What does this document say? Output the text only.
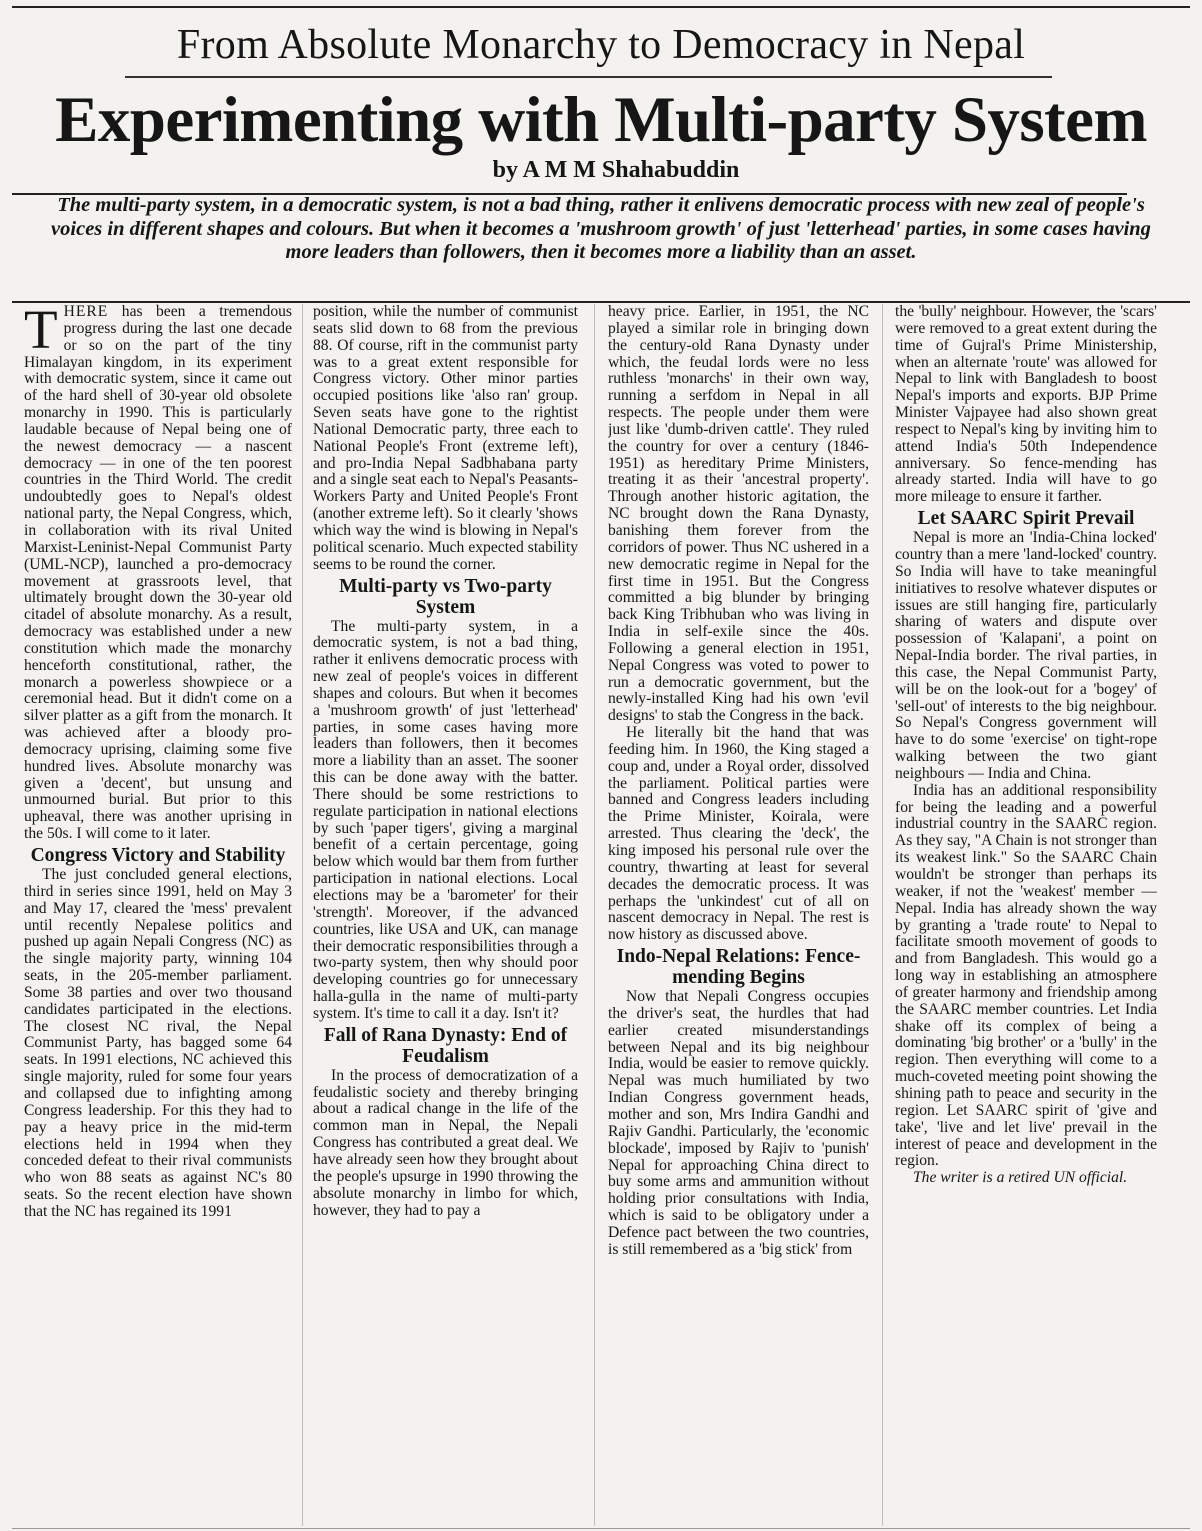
From Absolute Monarchy to Democracy in Nepal
Experimenting with Multi-party System
by A M M Shahabuddin
The multi-party system, in a democratic system, is not a bad thing, rather it enlivens democratic process with new zeal of people's voices in different shapes and colours. But when it becomes a 'mushroom growth' of just 'letterhead' parties, in some cases having more leaders than followers, then it becomes more a liability than an asset.

THERE has been a tremendous progress during the last one decade or so on the part of the tiny Himalayan kingdom, in its experiment with democratic system, since it came out of the hard shell of 30-year old obsolete monarchy in 1990. This is particularly laudable because of Nepal being one of the newest democracy — a nascent democracy — in one of the ten poorest countries in the Third World. The credit undoubtedly goes to Nepal's oldest national party, the Nepal Congress, which, in collaboration with its rival United Marxist-Leninist-Nepal Communist Party (UML-NCP), launched a pro-democracy movement at grassroots level, that ultimately brought down the 30-year old citadel of absolute monarchy. As a result, democracy was established under a new constitution which made the monarchy henceforth constitutional, rather, the monarch a powerless showpiece or a ceremonial head. But it didn't come on a silver platter as a gift from the monarch. It was achieved after a bloody pro-democracy uprising, claiming some five hundred lives. Absolute monarchy was given a 'decent', but unsung and unmourned burial. But prior to this upheaval, there was another uprising in the 50s. I will come to it later.

Congress Victory and Stability

The just concluded general elections, third in series since 1991, held on May 3 and May 17, cleared the 'mess' prevalent until recently Nepalese politics and pushed up again Nepali Congress (NC) as the single majority party, winning 104 seats, in the 205-member parliament. Some 38 parties and over two thousand candidates participated in the elections. The closest NC rival, the Nepal Communist Party, has bagged some 64 seats. In 1991 elections, NC achieved this single majority, ruled for some four years and collapsed due to infighting among Congress leadership. For this they had to pay a heavy price in the mid-term elections held in 1994 when they conceded defeat to their rival communists who won 88 seats as against NC's 80 seats. So the recent election have shown that the NC has regained its 1991

position, while the number of communist seats slid down to 68 from the previous 88. Of course, rift in the communist party was to a great extent responsible for Congress victory. Other minor parties occupied positions like 'also ran' group. Seven seats have gone to the rightist National Democratic party, three each to National People's Front (extreme left), and pro-India Nepal Sadbhabana party and a single seat each to Nepal's Peasants-Workers Party and United People's Front (another extreme left). So it clearly 'shows which way the wind is blowing in Nepal's political scenario. Much expected stability seems to be round the corner.

Multi-party vs Two-party System

The multi-party system, in a democratic system, is not a bad thing, rather it enlivens democratic process with new zeal of people's voices in different shapes and colours. But when it becomes a 'mushroom growth' of just 'letterhead' parties, in some cases having more leaders than followers, then it becomes more a liability than an asset. The sooner this can be done away with the batter. There should be some restrictions to regulate participation in national elections by such 'paper tigers', giving a marginal benefit of a certain percentage, going below which would bar them from further participation in national elections. Local elections may be a 'barometer' for their 'strength'. Moreover, if the advanced countries, like USA and UK, can manage their democratic responsibilities through a two-party system, then why should poor developing countries go for unnecessary halla-gulla in the name of multi-party system. It's time to call it a day. Isn't it?

Fall of Rana Dynasty: End of Feudalism

In the process of democratization of a feudalistic society and thereby bringing about a radical change in the life of the common man in Nepal, the Nepali Congress has contributed a great deal. We have already seen how they brought about the people's upsurge in 1990 throwing the absolute monarchy in limbo for which, however, they had to pay a

heavy price. Earlier, in 1951, the NC played a similar role in bringing down the century-old Rana Dynasty under which, the feudal lords were no less ruthless 'monarchs' in their own way, running a serfdom in Nepal in all respects. The people under them were just like 'dumb-driven cattle'. They ruled the country for over a century (1846-1951) as hereditary Prime Ministers, treating it as their 'ancestral property'. Through another historic agitation, the NC brought down the Rana Dynasty, banishing them forever from the corridors of power. Thus NC ushered in a new democratic regime in Nepal for the first time in 1951. But the Congress committed a big blunder by bringing back King Tribhuban who was living in India in self-exile since the 40s. Following a general election in 1951, Nepal Congress was voted to power to run a democratic government, but the newly-installed King had his own 'evil designs' to stab the Congress in the back.

He literally bit the hand that was feeding him. In 1960, the King staged a coup and, under a Royal order, dissolved the parliament. Political parties were banned and Congress leaders including the Prime Minister, Koirala, were arrested. Thus clearing the 'deck', the king imposed his personal rule over the country, thwarting at least for several decades the democratic process. It was perhaps the 'unkindest' cut of all on nascent democracy in Nepal. The rest is now history as discussed above.

Indo-Nepal Relations: Fence-mending Begins

Now that Nepali Congress occupies the driver's seat, the hurdles that had earlier created misunderstandings between Nepal and its big neighbour India, would be easier to remove quickly. Nepal was much humiliated by two Indian Congress government heads, mother and son, Mrs Indira Gandhi and Rajiv Gandhi. Particularly, the 'economic blockade', imposed by Rajiv to 'punish' Nepal for approaching China direct to buy some arms and ammunition without holding prior consultations with India, which is said to be obligatory under a Defence pact between the two countries, is still remembered as a 'big stick' from

the 'bully' neighbour. However, the 'scars' were removed to a great extent during the time of Gujral's Prime Ministership, when an alternate 'route' was allowed for Nepal to link with Bangladesh to boost Nepal's imports and exports. BJP Prime Minister Vajpayee had also shown great respect to Nepal's king by inviting him to attend India's 50th Independence anniversary. So fence-mending has already started. India will have to go more mileage to ensure it farther.

Let SAARC Spirit Prevail

Nepal is more an 'India-China locked' country than a mere 'land-locked' country. So India will have to take meaningful initiatives to resolve whatever disputes or issues are still hanging fire, particularly sharing of waters and dispute over possession of 'Kalapani', a point on Nepal-India border. The rival parties, in this case, the Nepal Communist Party, will be on the look-out for a 'bogey' of 'sell-out' of interests to the big neighbour. So Nepal's Congress government will have to do some 'exercise' on tight-rope walking between the two giant neighbours — India and China.

India has an additional responsibility for being the leading and a powerful industrial country in the SAARC region. As they say, "A Chain is not stronger than its weakest link." So the SAARC Chain wouldn't be stronger than perhaps its weaker, if not the 'weakest' member — Nepal. India has already shown the way by granting a 'trade route' to Nepal to facilitate smooth movement of goods to and from Bangladesh. This would go a long way in establishing an atmosphere of greater harmony and friendship among the SAARC member countries. Let India shake off its complex of being a dominating 'big brother' or a 'bully' in the region. Then everything will come to a much-coveted meeting point showing the shining path to peace and security in the region. Let SAARC spirit of 'give and take', 'live and let live' prevail in the interest of peace and development in the region.

The writer is a retired UN official.
